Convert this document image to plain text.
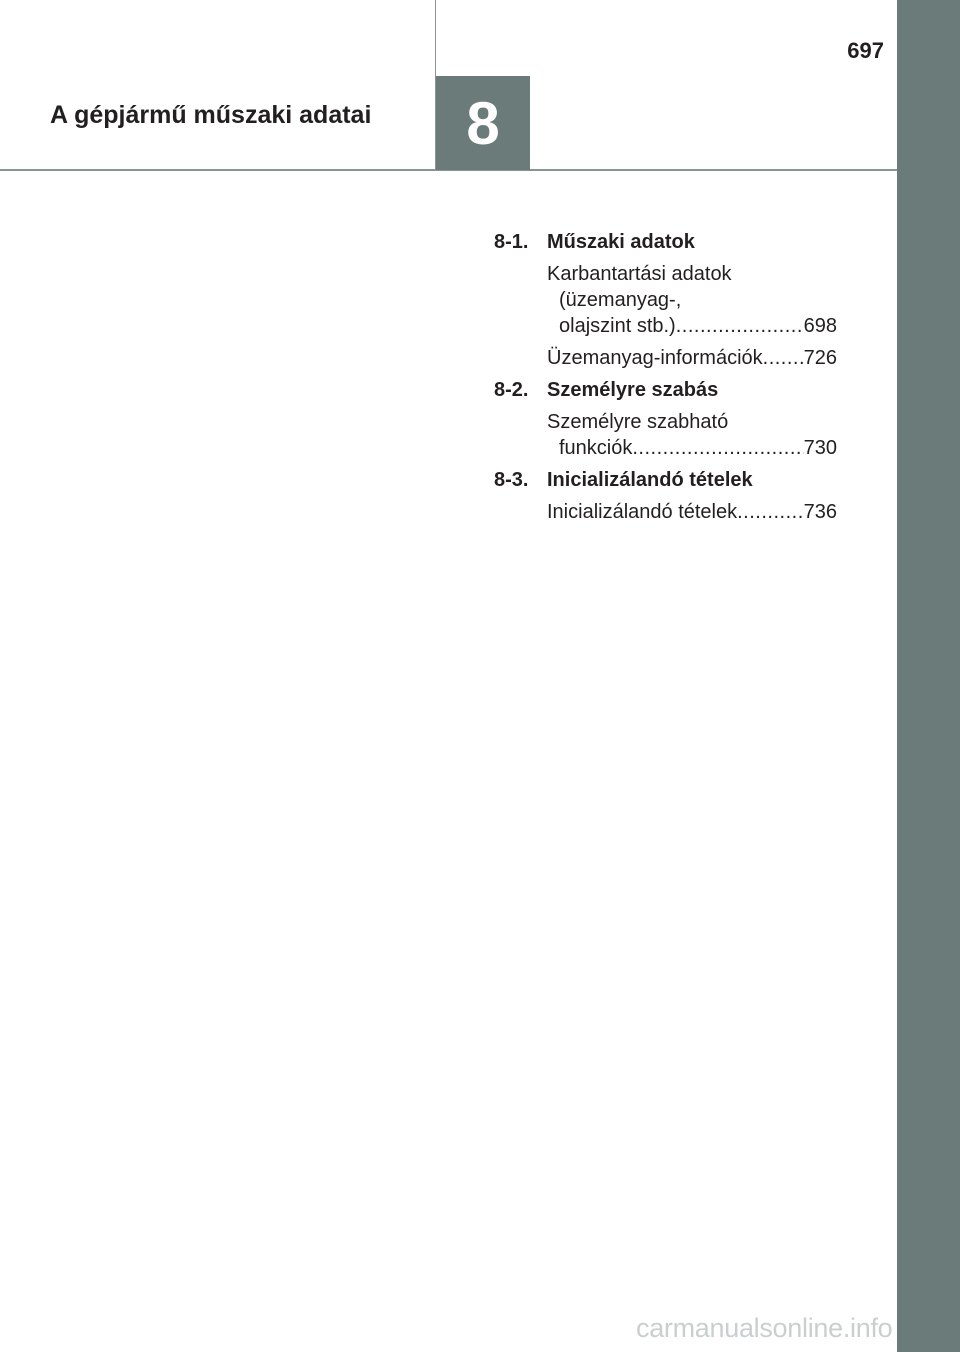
697
A gépjármű műszaki adatai 8
8-1. Műszaki adatok
Karbantartási adatok
(üzemanyag-,
olajszint stb.) .....	698
Üzemanyag-információk ..... 726
8-2. Személyre szabás
Személyre szabható
funkciók .....	730
8-3. Inicializálandó tételek
Inicializálandó tételek .....	736
carmanualsonline.info
